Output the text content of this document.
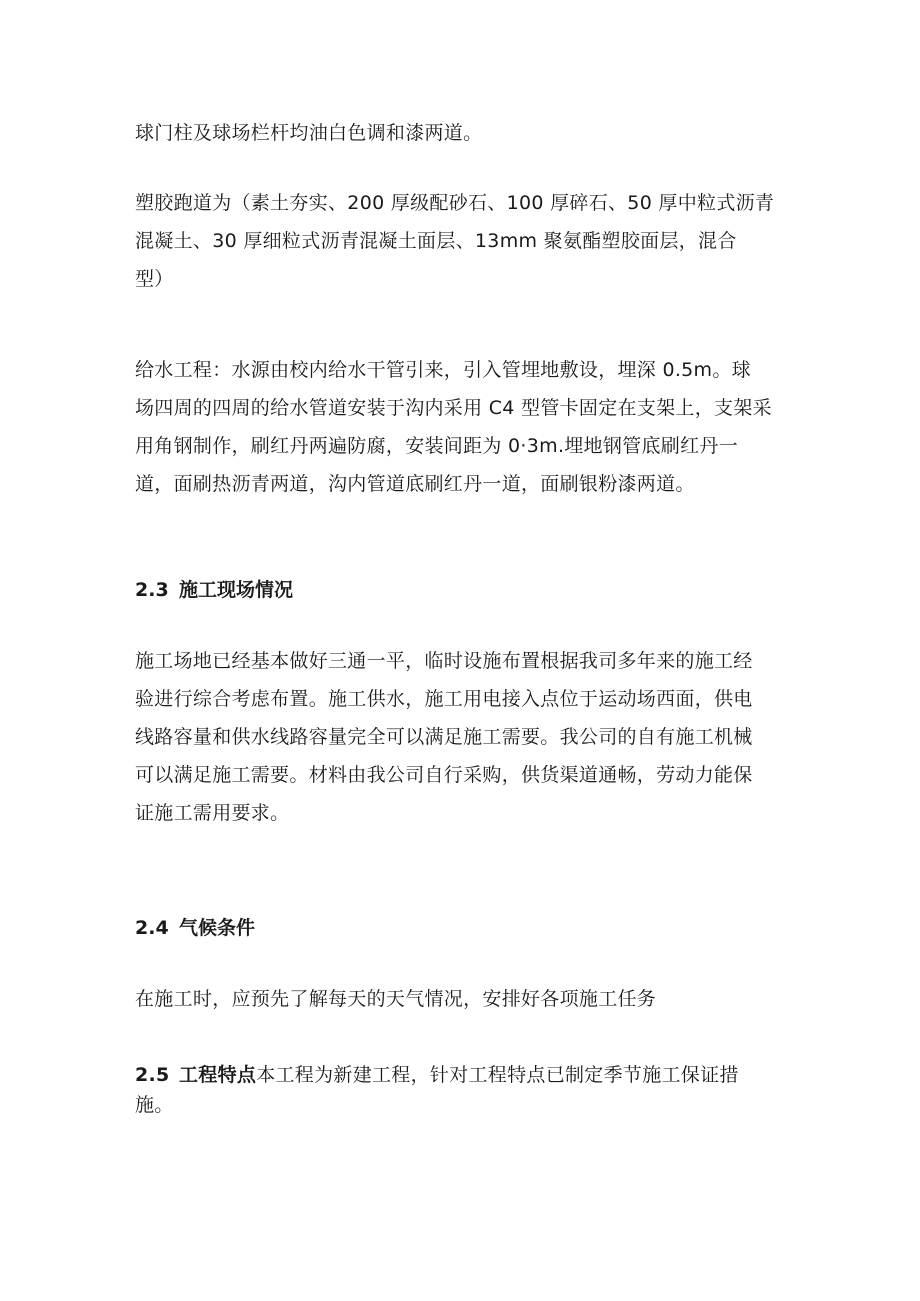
球门柱及球场栏杆均油白色调和漆两道。
塑胶跑道为（素土夯实、200 厚级配砂石、100 厚碎石、50 厚中粒式沥青
混凝土、30 厚细粒式沥青混凝土面层、13mm 聚氨酯塑胶面层，混合
型）
给水工程：水源由校内给水干管引来，引入管埋地敷设，埋深 0.5m。球
场四周的四周的给水管道安装于沟内采用 C4 型管卡固定在支架上，支架采
用角钢制作，刷红丹两遍防腐，安装间距为 0·3m.埋地钢管底刷红丹一
道，面刷热沥青两道，沟内管道底刷红丹一道，面刷银粉漆两道。
2.3 施工现场情况
施工场地已经基本做好三通一平，临时设施布置根据我司多年来的施工经
验进行综合考虑布置。施工供水，施工用电接入点位于运动场西面，供电
线路容量和供水线路容量完全可以满足施工需要。我公司的自有施工机械
可以满足施工需要。材料由我公司自行采购，供货渠道通畅，劳动力能保
证施工需用要求。
2.4 气候条件
在施工时，应预先了解每天的天气情况，安排好各项施工任务
2.5 工程特点本工程为新建工程，针对工程特点已制定季节施工保证措
施。
